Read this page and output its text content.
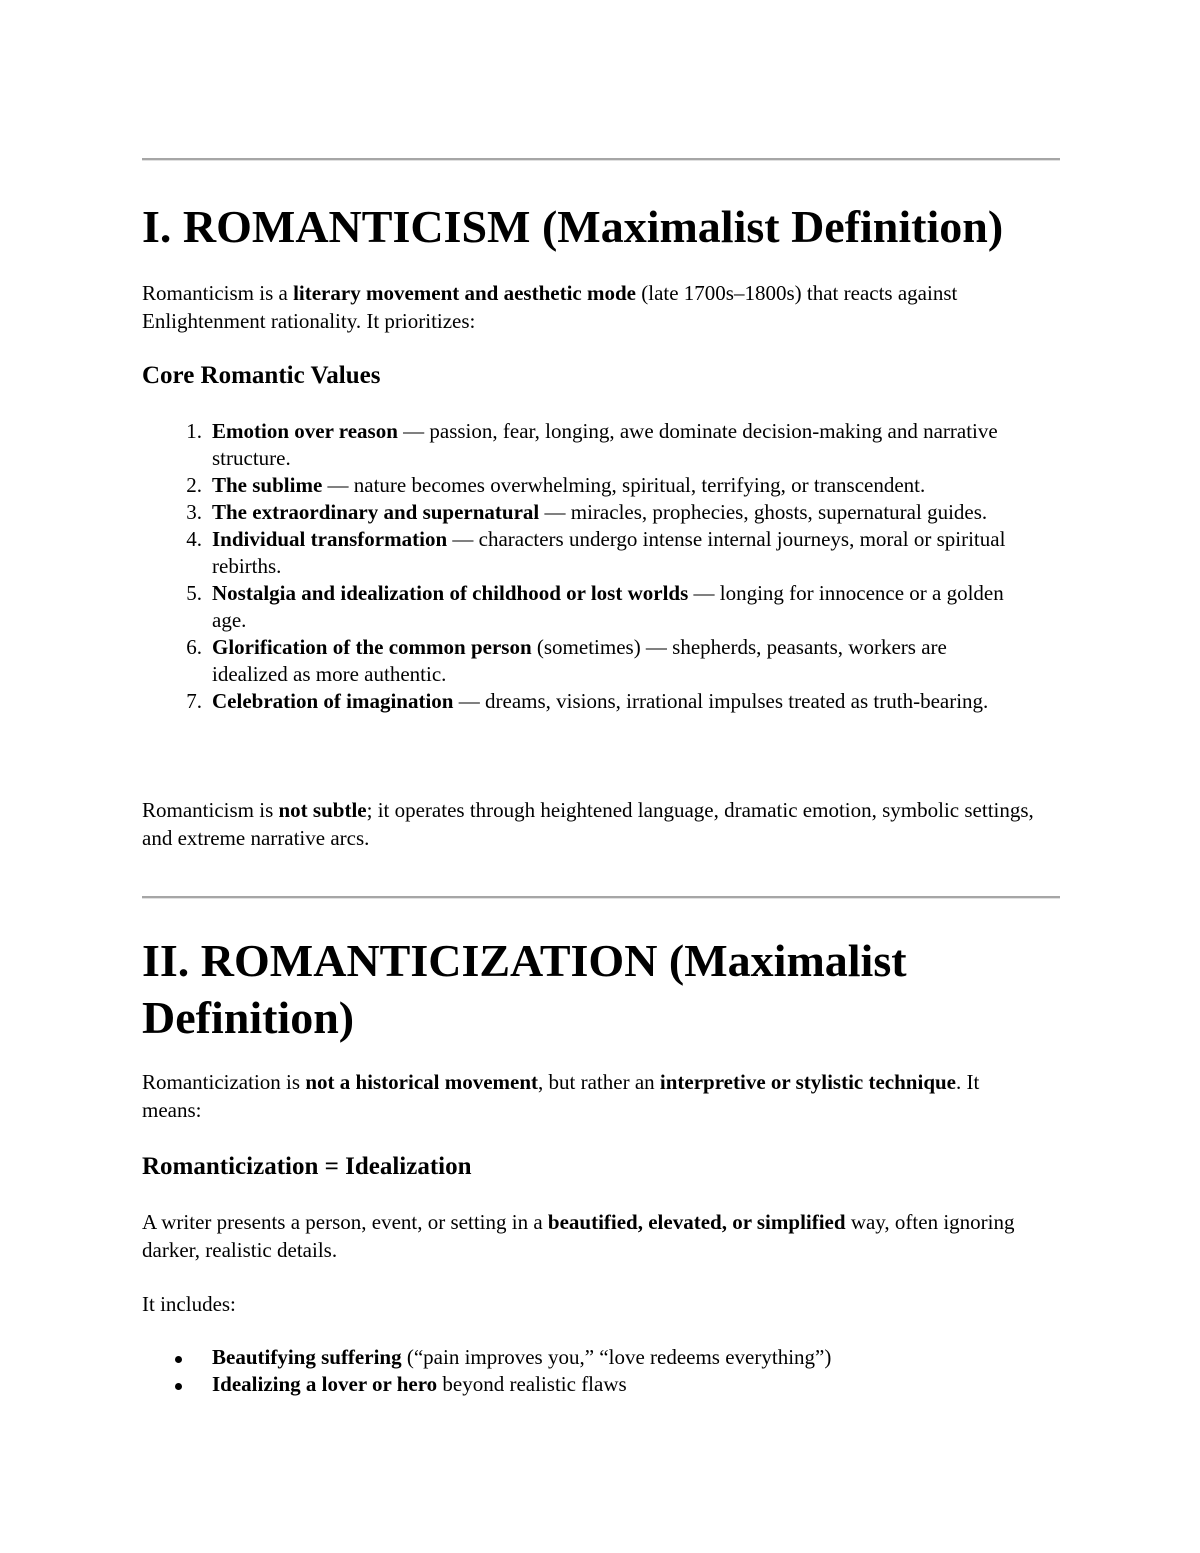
I. ROMANTICISM (Maximalist Definition)

Romanticism is a literary movement and aesthetic mode (late 1700s–1800s) that reacts against Enlightenment rationality. It prioritizes:

Core Romantic Values
1. Emotion over reason — passion, fear, longing, awe dominate decision-making and narrative structure.
2. The sublime — nature becomes overwhelming, spiritual, terrifying, or transcendent.
3. The extraordinary and supernatural — miracles, prophecies, ghosts, supernatural guides.
4. Individual transformation — characters undergo intense internal journeys, moral or spiritual rebirths.
5. Nostalgia and idealization of childhood or lost worlds — longing for innocence or a golden age.
6. Glorification of the common person (sometimes) — shepherds, peasants, workers are idealized as more authentic.
7. Celebration of imagination — dreams, visions, irrational impulses treated as truth-bearing.

Romanticism is not subtle; it operates through heightened language, dramatic emotion, symbolic settings, and extreme narrative arcs.

II. ROMANTICIZATION (Maximalist Definition)

Romanticization is not a historical movement, but rather an interpretive or stylistic technique. It means:

Romanticization = Idealization

A writer presents a person, event, or setting in a beautified, elevated, or simplified way, often ignoring darker, realistic details.

It includes:

Beautifying suffering (“pain improves you,” “love redeems everything”)
Idealizing a lover or hero beyond realistic flaws
